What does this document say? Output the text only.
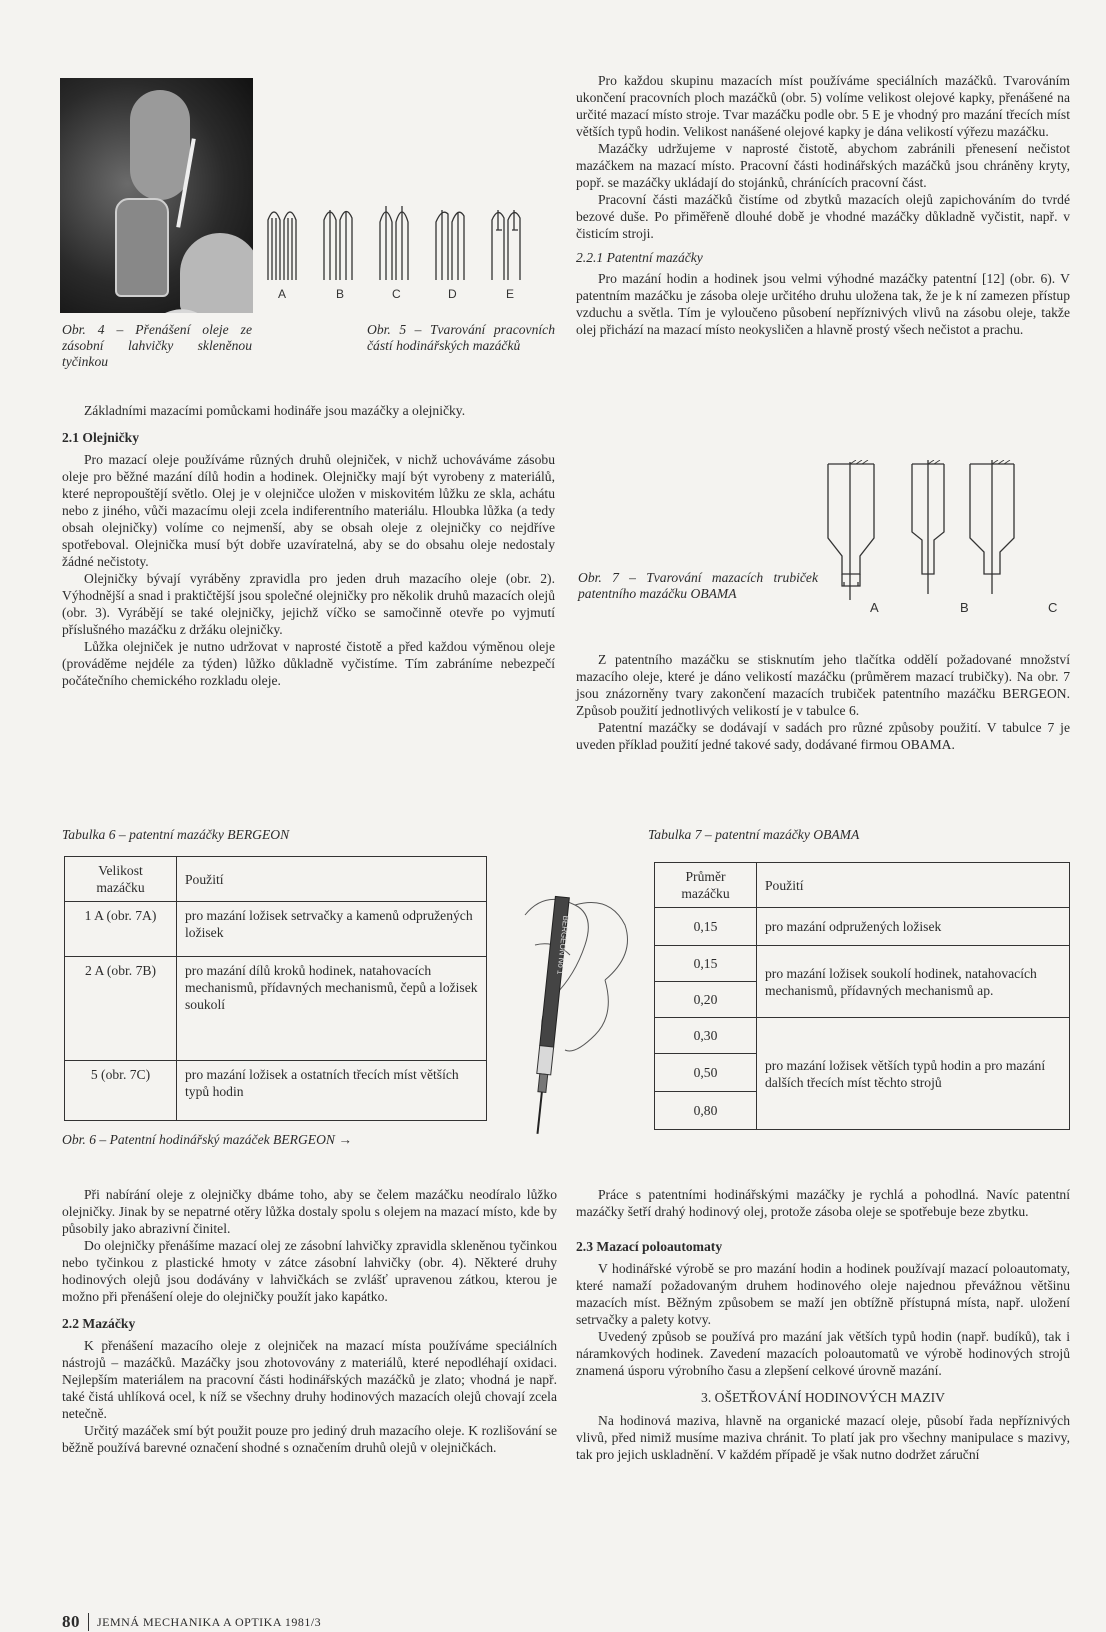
A	B	C	D	E
Obr. 4 – Přenášení oleje ze zásobní lahvičky skleněnou tyčinkou
Obr. 5 – Tvarování pracovních částí hodinářských mazáčků

Základními mazacími pomůckami hodináře jsou mazáčky a olejničky.

2.1 Olejničky

Pro mazací oleje používáme různých druhů olejniček, v nichž uchováváme zásobu oleje pro běžné mazání dílů hodin a hodinek. Olejničky mají být vyrobeny z materiálů, které nepropouštějí světlo. Olej je v olejničce uložen v miskovitém lůžku ze skla, achátu nebo z jiného, vůči mazacímu oleji zcela indiferentního materiálu. Hloubka lůžka (a tedy obsah olejničky) volíme co nejmenší, aby se obsah oleje z olejničky co nejdříve spotřeboval. Olejnička musí být dobře uzavíratelná, aby se do obsahu oleje nedostaly žádné nečistoty.

Olejničky bývají vyráběny zpravidla pro jeden druh mazacího oleje (obr. 2). Výhodnější a snad i praktičtější jsou společné olejničky pro několik druhů mazacích olejů (obr. 3). Vyrábějí se také olejničky, jejichž víčko se samočinně otevře po vyjmutí příslušného mazáčku z držáku olejničky.

Lůžka olejniček je nutno udržovat v naprosté čistotě a před každou výměnou oleje (prováděme nejdéle za týden) lůžko důkladně vyčistíme. Tím zabráníme nebezpečí počátečního chemického rozkladu oleje.

Pro každou skupinu mazacích míst používáme speciálních mazáčků. Tvarováním ukončení pracovních ploch mazáčků (obr. 5) volíme velikost olejové kapky, přenášené na určité mazací místo stroje. Tvar mazáčku podle obr. 5 E je vhodný pro mazání třecích míst větších typů hodin. Velikost nanášené olejové kapky je dána velikostí výřezu mazáčku.

Mazáčky udržujeme v naprosté čistotě, abychom zabránili přenesení nečistot mazáčkem na mazací místo. Pracovní části hodinářských mazáčků jsou chráněny kryty, popř. se mazáčky ukládají do stojánků, chránících pracovní část.

Pracovní části mazáčků čistíme od zbytků mazacích olejů zapichováním do tvrdé bezové duše. Po přiměřeně dlouhé době je vhodné mazáčky důkladně vyčistit, např. v čisticím stroji.

2.2.1 Patentní mazáčky

Pro mazání hodin a hodinek jsou velmi výhodné mazáčky patentní [12] (obr. 6). V patentním mazáčku je zásoba oleje určitého druhu uložena tak, že je k ní zamezen přístup vzduchu a světla. Tím je vyloučeno působení nepříznivých vlivů na zásobu oleje, takže olej přichází na mazací místo neokysličen a hlavně prostý všech nečistot a prachu.

A	B	C
Obr. 7 – Tvarování mazacích trubiček patentního mazáčku OBAMA

Z patentního mazáčku se stisknutím jeho tlačítka oddělí požadované množství mazacího oleje, které je dáno velikostí mazáčku (průměrem mazací trubičky). Na obr. 7 jsou znázorněny tvary zakončení mazacích trubiček patentního mazáčku BERGEON. Způsob použití jednotlivých velikostí je v tabulce 6.

Patentní mazáčky se dodávají v sadách pro různé způsoby použití. V tabulce 7 je uveden příklad použití jedné takové sady, dodávané firmou OBAMA.

Tabulka 6 – patentní mazáčky BERGEON
Velikost mazáčku	Použití
1 A (obr. 7A)	pro mazání ložisek setrvačky a kamenů odpružených ložisek
2 A (obr. 7B)	pro mazání dílů kroků hodinek, natahovacích mechanismů, přídavných mechanismů, čepů a ložisek soukolí
5 (obr. 7C)	pro mazání ložisek a ostatních třecích míst větších typů hodin
BERGEON No 1
Obr. 6 – Patentní hodinářský mazáček BERGEON →
Tabulka 7 – patentní mazáčky OBAMA
Průměr mazáčku	Použití
0,15	pro mazání odpružených ložisek
0,15	pro mazání ložisek soukolí hodinek, natahovacích mechanismů, přídavných mechanismů ap.
0,20	
0,30	pro mazání ložisek větších typů hodin a pro mazání dalších třecích míst těchto strojů
0,50	
0,80	

Při nabírání oleje z olejničky dbáme toho, aby se čelem mazáčku neodíralo lůžko olejničky. Jinak by se nepatrné otěry lůžka dostaly spolu s olejem na mazací místo, kde by působily jako abrazivní činitel.

Do olejničky přenášíme mazací olej ze zásobní lahvičky zpravidla skleněnou tyčinkou nebo tyčinkou z plastické hmoty v zátce zásobní lahvičky (obr. 4). Některé druhy hodinových olejů jsou dodávány v lahvičkách se zvlášť upravenou zátkou, kterou je možno při přenášení oleje do olejničky použít jako kapátko.

2.2 Mazáčky

K přenášení mazacího oleje z olejniček na mazací místa používáme speciálních nástrojů – mazáčků. Mazáčky jsou zhotovovány z materiálů, které nepodléhají oxidaci. Nejlepším materiálem na pracovní části hodinářských mazáčků je zlato; vhodná je např. také čistá uhlíková ocel, k níž se všechny druhy hodinových mazacích olejů chovají zcela netečně.

Určitý mazáček smí být použit pouze pro jediný druh mazacího oleje. K rozlišování se běžně používá barevné označení shodné s označením druhů olejů v olejničkách.

Práce s patentními hodinářskými mazáčky je rychlá a pohodlná. Navíc patentní mazáčky šetří drahý hodinový olej, protože zásoba oleje se spotřebuje beze zbytku.

2.3 Mazací poloautomaty

V hodinářské výrobě se pro mazání hodin a hodinek používají mazací poloautomaty, které namaží požadovaným druhem hodinového oleje najednou převážnou většinu mazacích míst. Běžným způsobem se maží jen obtížně přístupná místa, např. uložení setrvačky a palety kotvy.

Uvedený způsob se používá pro mazání jak větších typů hodin (např. budíků), tak i náramkových hodinek. Zavedení mazacích poloautomatů ve výrobě hodinových strojů znamená úsporu výrobního času a zlepšení celkové úrovně mazání.

3. OŠETŘOVÁNÍ HODINOVÝCH MAZIV

Na hodinová maziva, hlavně na organické mazací oleje, působí řada nepříznivých vlivů, před nimiž musíme maziva chránit. To platí jak pro všechny manipulace s mazivy, tak pro jejich uskladnění. V každém případě je však nutno dodržet záruční

80 JEMNÁ MECHANIKA A OPTIKA 1981/3
